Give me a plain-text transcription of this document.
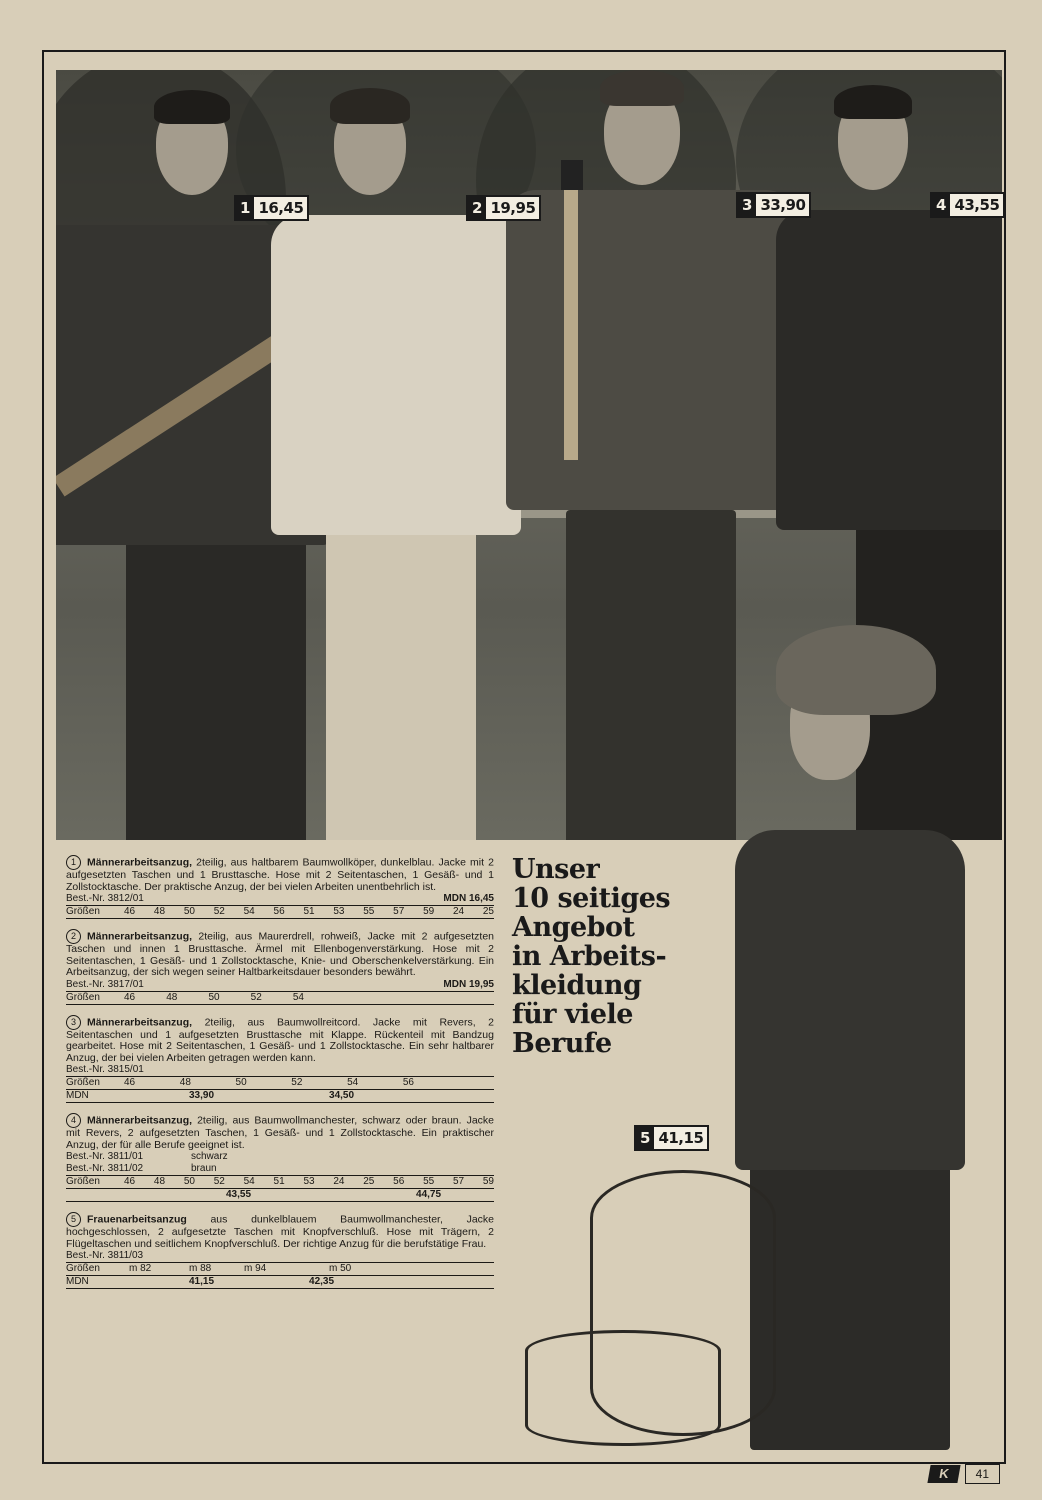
1 16,45	2 19,95	3 33,90	4 43,55
Unser
10 seitiges
Angebot
in Arbeits-
kleidung
für viele
Berufe
5 41,15
1 Männerarbeitsanzug, 2teilig, aus haltbarem Baumwollköper, dunkelblau. Jacke mit 2 aufgesetzten Taschen und 1 Brusttasche. Hose mit 2 Seitentaschen, 1 Gesäß- und 1 Zollstocktasche. Der praktische Anzug, der bei vielen Arbeiten unentbehrlich ist.
Best.-Nr. 3812/01	MDN 16,45
Größen	46 48 50 52 54 56 51 53 55 57 59 24 25
2 Männerarbeitsanzug, 2teilig, aus Maurerdrell, rohweiß, Jacke mit 2 aufgesetzten Taschen und innen 1 Brusttasche. Ärmel mit Ellenbogenverstärkung. Hose mit 2 Seitentaschen, 1 Gesäß- und 1 Zollstocktasche, Knie- und Oberschenkelverstärkung. Ein Arbeitsanzug, der sich wegen seiner Haltbarkeitsdauer besonders bewährt.
Best.-Nr. 3817/01	MDN 19,95
Größen	46	48	50	52	54
3 Männerarbeitsanzug, 2teilig, aus Baumwollreitcord. Jacke mit Revers, 2 Seitentaschen und 1 aufgesetzten Brusttasche mit Klappe. Rückenteil mit Bandzug gearbeitet. Hose mit 2 Seitentaschen, 1 Gesäß- und 1 Zollstocktasche. Ein sehr haltbarer Anzug, der bei vielen Arbeiten getragen werden kann.
Best.-Nr. 3815/01
Größen	46	48	50	52	54	56
MDN	33,90	34,50
4 Männerarbeitsanzug, 2teilig, aus Baumwollmanchester, schwarz oder braun. Jacke mit Revers, 2 aufgesetzten Taschen, 1 Gesäß- und 1 Zollstocktasche. Ein praktischer Anzug, der für alle Berufe geeignet ist.
Best.-Nr. 3811/01	schwarz
Best.-Nr. 3811/02	braun
Größen	46 48 50 52 54 51 53 24 25 56 55 57 59
43,55	44,75
5 Frauenarbeitsanzug aus dunkelblauem Baumwollmanchester, Jacke hochgeschlossen, 2 aufgesetzte Taschen mit Knopfverschluß. Hose mit Trägern, 2 Flügeltaschen und seitlichem Knopfverschluß. Der richtige Anzug für die berufstätige Frau.
Best.-Nr. 3811/03
Größen	m 82	m 88	m 94	m 50
MDN	41,15	42,35
K	41
